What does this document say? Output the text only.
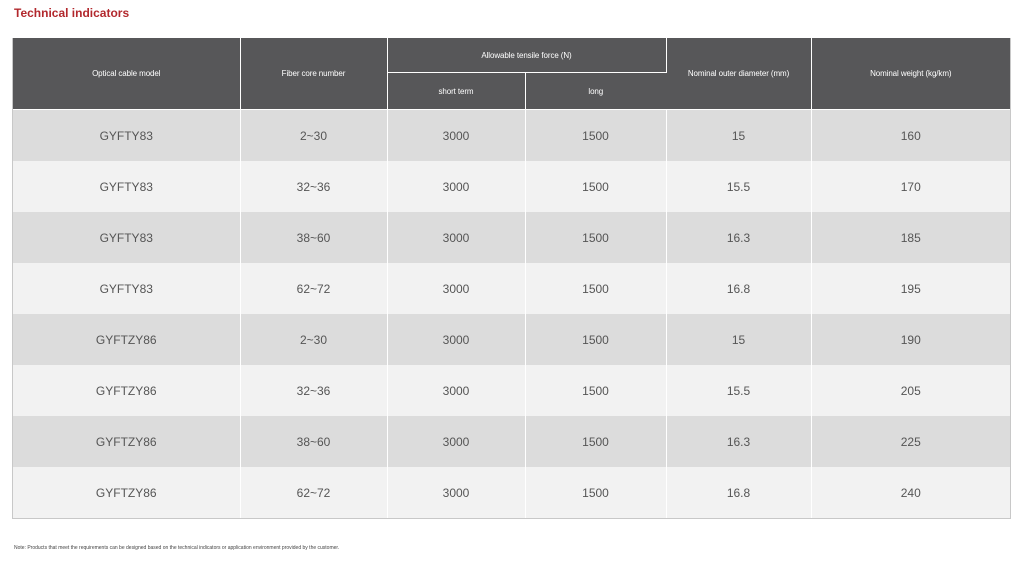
Technical indicators
Optical cable model	Fiber core number	Allowable tensile force (N)		Nominal outer diameter (mm)	Nominal weight (kg/km)
		short term	long		
GYFTY83	2~30	3000	1500	15	160
GYFTY83	32~36	3000	1500	15.5	170
GYFTY83	38~60	3000	1500	16.3	185
GYFTY83	62~72	3000	1500	16.8	195
GYFTZY86	2~30	3000	1500	15	190
GYFTZY86	32~36	3000	1500	15.5	205
GYFTZY86	38~60	3000	1500	16.3	225
GYFTZY86	62~72	3000	1500	16.8	240
Note: Products that meet the requirements can be designed based on the technical indicators or application environment provided by the customer.
